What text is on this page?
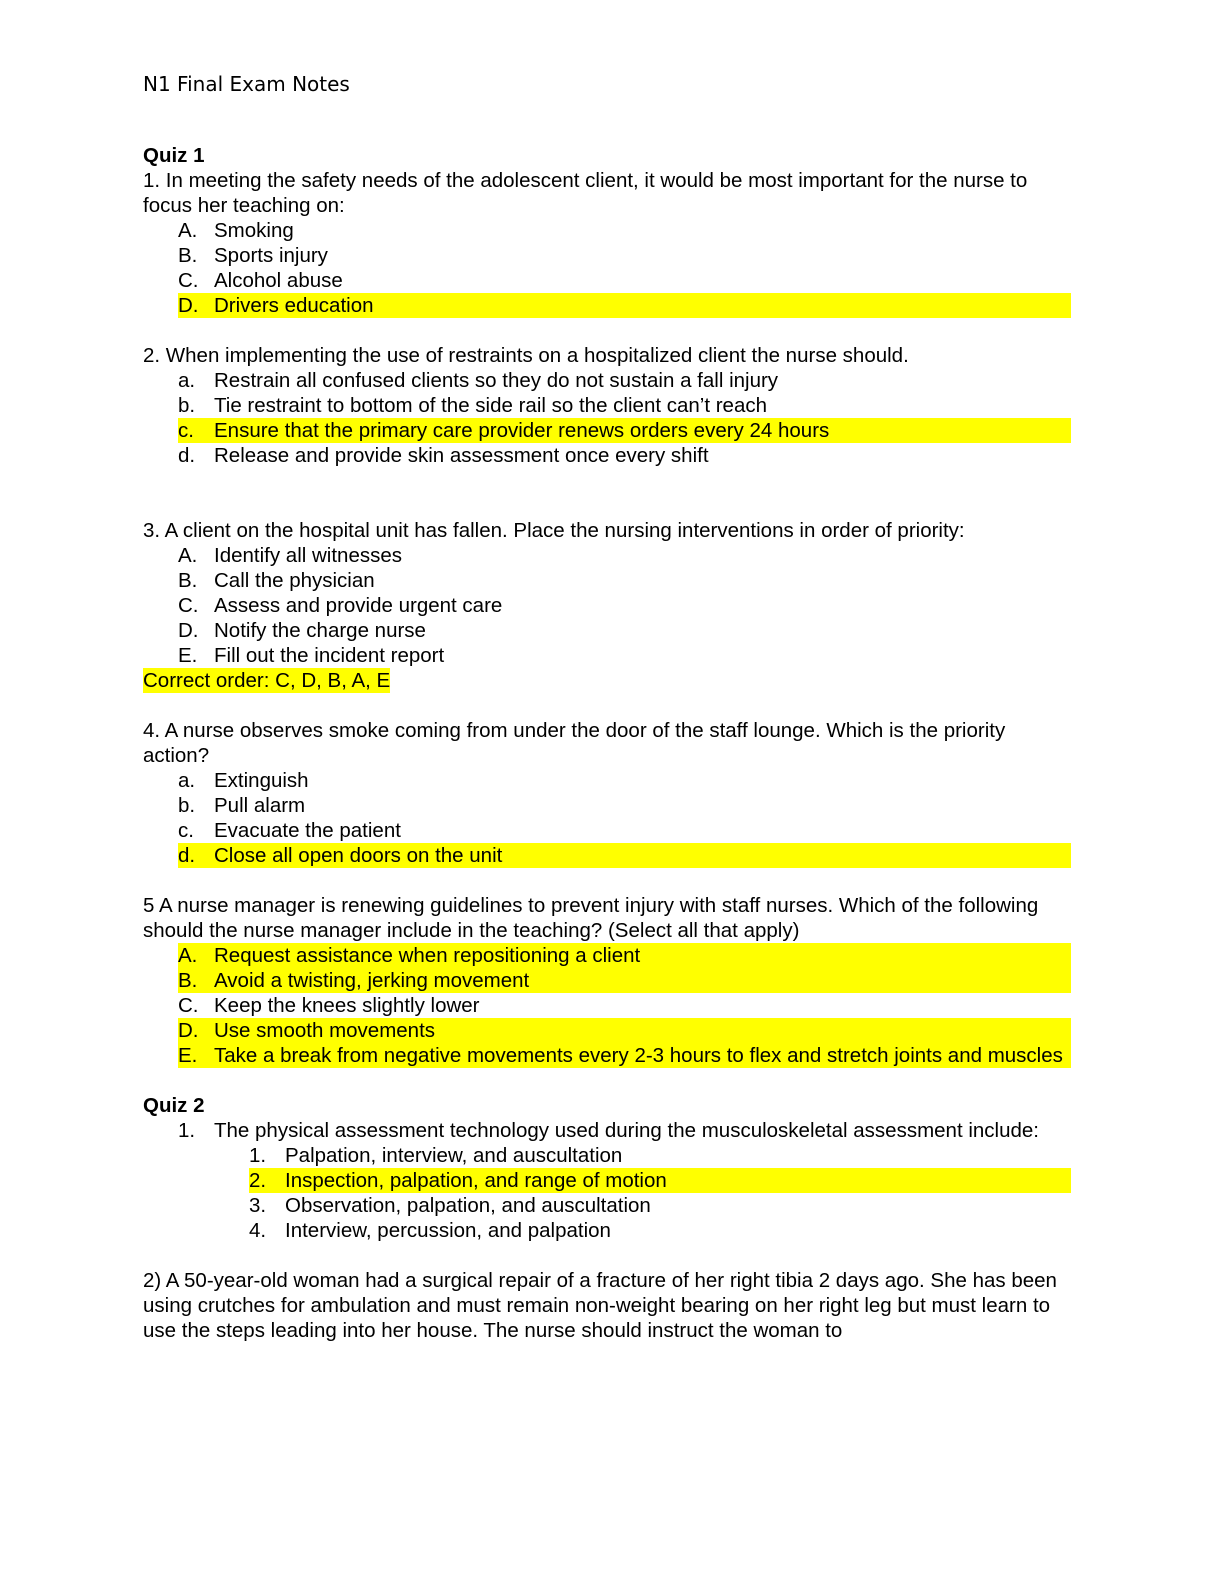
N1 Final Exam Notes

Quiz 1

1. In meeting the safety needs of the adolescent client, it would be most important for the nurse to focus her teaching on:

A. Smoking
B. Sports injury
C. Alcohol abuse
D. Drivers education

2. When implementing the use of restraints on a hospitalized client the nurse should.

a. Restrain all confused clients so they do not sustain a fall injury
b. Tie restraint to bottom of the side rail so the client can’t reach
c. Ensure that the primary care provider renews orders every 24 hours
d. Release and provide skin assessment once every shift

3. A client on the hospital unit has fallen. Place the nursing interventions in order of priority:

A. Identify all witnesses
B. Call the physician
C. Assess and provide urgent care
D. Notify the charge nurse
E. Fill out the incident report

Correct order: C, D, B, A, E

4. A nurse observes smoke coming from under the door of the staff lounge. Which is the priority action?

a. Extinguish
b. Pull alarm
c. Evacuate the patient
d. Close all open doors on the unit

5 A nurse manager is renewing guidelines to prevent injury with staff nurses. Which of the following should the nurse manager include in the teaching? (Select all that apply)

A. Request assistance when repositioning a client
B. Avoid a twisting, jerking movement
C. Keep the knees slightly lower
D. Use smooth movements
E. Take a break from negative movements every 2-3 hours to flex and stretch joints and muscles

Quiz 2

1. The physical assessment technology used during the musculoskeletal assessment include:
1. Palpation, interview, and auscultation
2. Inspection, palpation, and range of motion
3. Observation, palpation, and auscultation
4. Interview, percussion, and palpation

2) A 50-year-old woman had a surgical repair of a fracture of her right tibia 2 days ago. She has been using crutches for ambulation and must remain non-weight bearing on her right leg but must learn to use the steps leading into her house. The nurse should instruct the woman to
